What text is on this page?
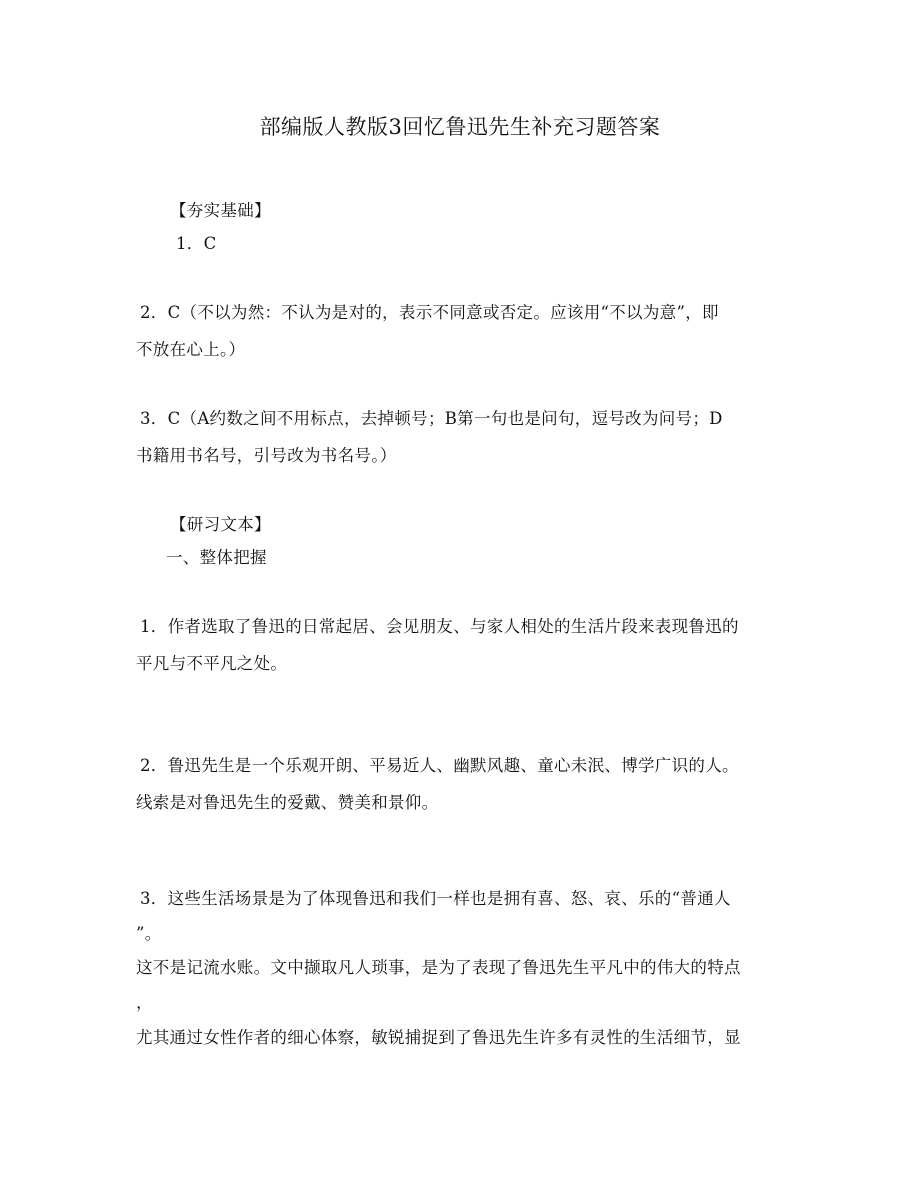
部编版人教版3回忆鲁迅先生补充习题答案
【夯实基础】
1．C
2．C（不以为然：不认为是对的，表示不同意或否定。应该用“不以为意”，即
不放在心上。）
3．C（A约数之间不用标点，去掉顿号；B第一句也是问句，逗号改为问号；D
书籍用书名号，引号改为书名号。）
【研习文本】
一、整体把握
1．作者选取了鲁迅的日常起居、会见朋友、与家人相处的生活片段来表现鲁迅的
平凡与不平凡之处。
2．鲁迅先生是一个乐观开朗、平易近人、幽默风趣、童心未泯、博学广识的人。
线索是对鲁迅先生的爱戴、赞美和景仰。
3．这些生活场景是为了体现鲁迅和我们一样也是拥有喜、怒、哀、乐的“普通人
”。
这不是记流水账。文中撷取凡人琐事，是为了表现了鲁迅先生平凡中的伟大的特点
，
尤其通过女性作者的细心体察，敏锐捕捉到了鲁迅先生许多有灵性的生活细节，显
